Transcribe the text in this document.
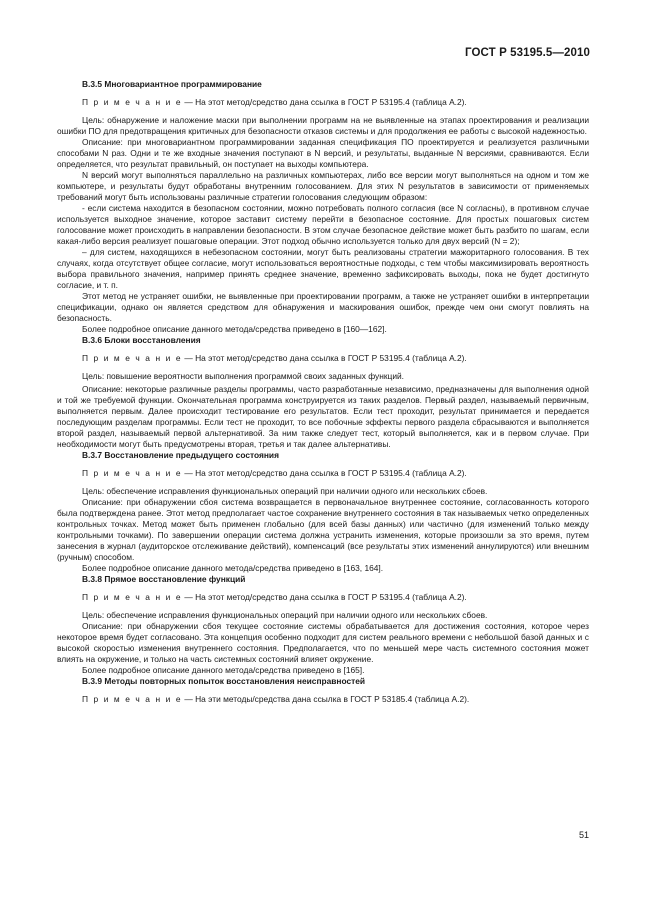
ГОСТ Р 53195.5—2010
В.3.5 Многовариантное программирование
П р и м е ч а н и е — На этот метод/средство дана ссылка в ГОСТ Р 53195.4 (таблица А.2).

Цель: обнаружение и наложение маски при выполнении программ на не выявленные на этапах проектирования и реализации ошибки ПО для предотвращения критичных для безопасности отказов системы и для продолжения ее работы с высокой надежностью.

Описание: при многовариантном программировании заданная спецификация ПО проектируется и реализуется различными способами N раз. Одни и те же входные значения поступают в N версий, и результаты, выданные N версиями, сравниваются. Если определяется, что результат правильный, он поступает на выходы компьютера.

N версий могут выполняться параллельно на различных компьютерах, либо все версии могут выполняться на одном и том же компьютере, и результаты будут обработаны внутренним голосованием. Для этих N результатов в зависимости от применяемых требований могут быть использованы различные стратегии голосования следующим образом:

- если система находится в безопасном состоянии, можно потребовать полного согласия (все N согласны), в противном случае используется выходное значение, которое заставит систему перейти в безопасное состояние. Для простых пошаговых систем голосование может происходить в направлении безопасности. В этом случае безопасное действие может быть разбито по шагам, если какая-либо версия реализует пошаговые операции. Этот подход обычно используется только для двух версий (N = 2);

– для систем, находящихся в небезопасном состоянии, могут быть реализованы стратегии мажоритарного голосования. В тех случаях, когда отсутствует общее согласие, могут использоваться вероятностные подходы, с тем чтобы максимизировать вероятность выбора правильного значения, например принять среднее значение, временно зафиксировать выходы, пока не будет достигнуто согласие, и т. п.

Этот метод не устраняет ошибки, не выявленные при проектировании программ, а также не устраняет ошибки в интерпретации спецификации, однако он является средством для обнаружения и маскирования ошибок, прежде чем они смогут повлиять на безопасность.

Более подробное описание данного метода/средства приведено в [160—162].

В.3.6 Блоки восстановления
П р и м е ч а н и е — На этот метод/средство дана ссылка в ГОСТ Р 53195.4 (таблица А.2).

Цель: повышение вероятности выполнения программой своих заданных функций.

Описание: некоторые различные разделы программы, часто разработанные независимо, предназначены для выполнения одной и той же требуемой функции. Окончательная программа конструируется из таких разделов. Первый раздел, называемый первичным, выполняется первым. Далее происходит тестирование его результатов. Если тест проходит, результат принимается и передается последующим разделам программы. Если тест не проходит, то все побочные эффекты первого раздела сбрасываются и выполняется второй раздел, называемый первой альтернативой. За ним также следует тест, который выполняется, как и в первом случае. При необходимости могут быть предусмотрены вторая, третья и так далее альтернативы.

В.3.7 Восстановление предыдущего состояния
П р и м е ч а н и е — На этот метод/средство дана ссылка в ГОСТ Р 53195.4 (таблица А.2).

Цель: обеспечение исправления функциональных операций при наличии одного или нескольких сбоев.

Описание: при обнаружении сбоя система возвращается в первоначальное внутреннее состояние, согласованность которого была подтверждена ранее. Этот метод предполагает частое сохранение внутреннего состояния в так называемых четко определенных контрольных точках. Метод может быть применен глобально (для всей базы данных) или частично (для изменений только между контрольными точками). По завершении операции система должна устранить изменения, которые произошли за это время, путем занесения в журнал (аудиторское отслеживание действий), компенсаций (все результаты этих изменений аннулируются) или внешним (ручным) способом.

Более подробное описание данного метода/средства приведено в [163, 164].

В.3.8 Прямое восстановление функций
П р и м е ч а н и е — На этот метод/средство дана ссылка в ГОСТ Р 53195.4 (таблица А.2).

Цель: обеспечение исправления функциональных операций при наличии одного или нескольких сбоев.

Описание: при обнаружении сбоя текущее состояние системы обрабатывается для достижения состояния, которое через некоторое время будет согласовано. Эта концепция особенно подходит для систем реального времени с небольшой базой данных и с высокой скоростью изменения внутреннего состояния. Предполагается, что по меньшей мере часть системного состояния может влиять на окружение, и только на часть системных состояний влияет окружение.

Более подробное описание данного метода/средства приведено в [165].

В.3.9 Методы повторных попыток восстановления неисправностей
П р и м е ч а н и е — На эти методы/средства дана ссылка в ГОСТ Р 53185.4 (таблица А.2).
51
